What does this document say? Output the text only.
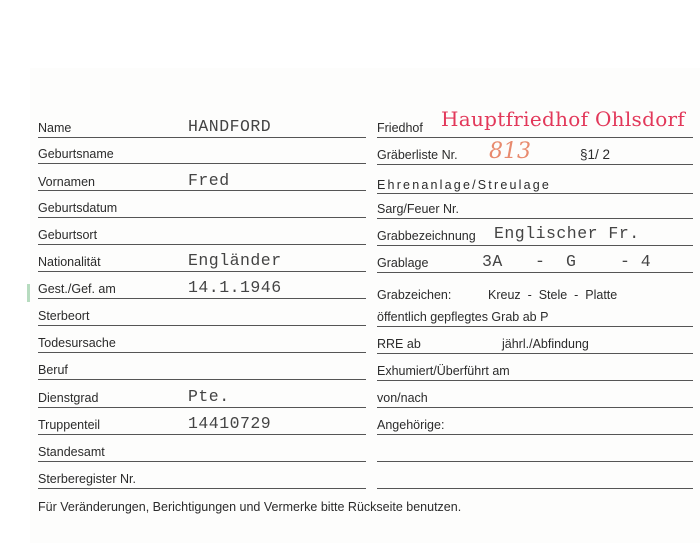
Name	HANDFORD
Geburtsname
Vornamen	Fred
Geburtsdatum
Geburtsort
Nationalität	Engländer
Gest./Gef. am	14.1.1946
Sterbeort
Todesursache
Beruf
Dienstgrad	Pte.
Truppenteil	14410729
Standesamt
Sterberegister Nr.
Friedhof Hauptfriedhof Ohlsdorf
Gräberliste Nr. 813	§1/ 2
Ehrenanlage/Streulage
Sarg/Feuer Nr.
Grabbezeichnung Englischer Fr.
Grablage	3A - G	- 4
Grabzeichen:	Kreuz  -  Stele  -  Platte
öffentlich gepflegtes Grab ab P
RRE ab	jährl./Abfindung
Exhumiert/Überführt am
von/nach
Angehörige:
Für Veränderungen, Berichtigungen und Vermerke bitte Rückseite benutzen.
